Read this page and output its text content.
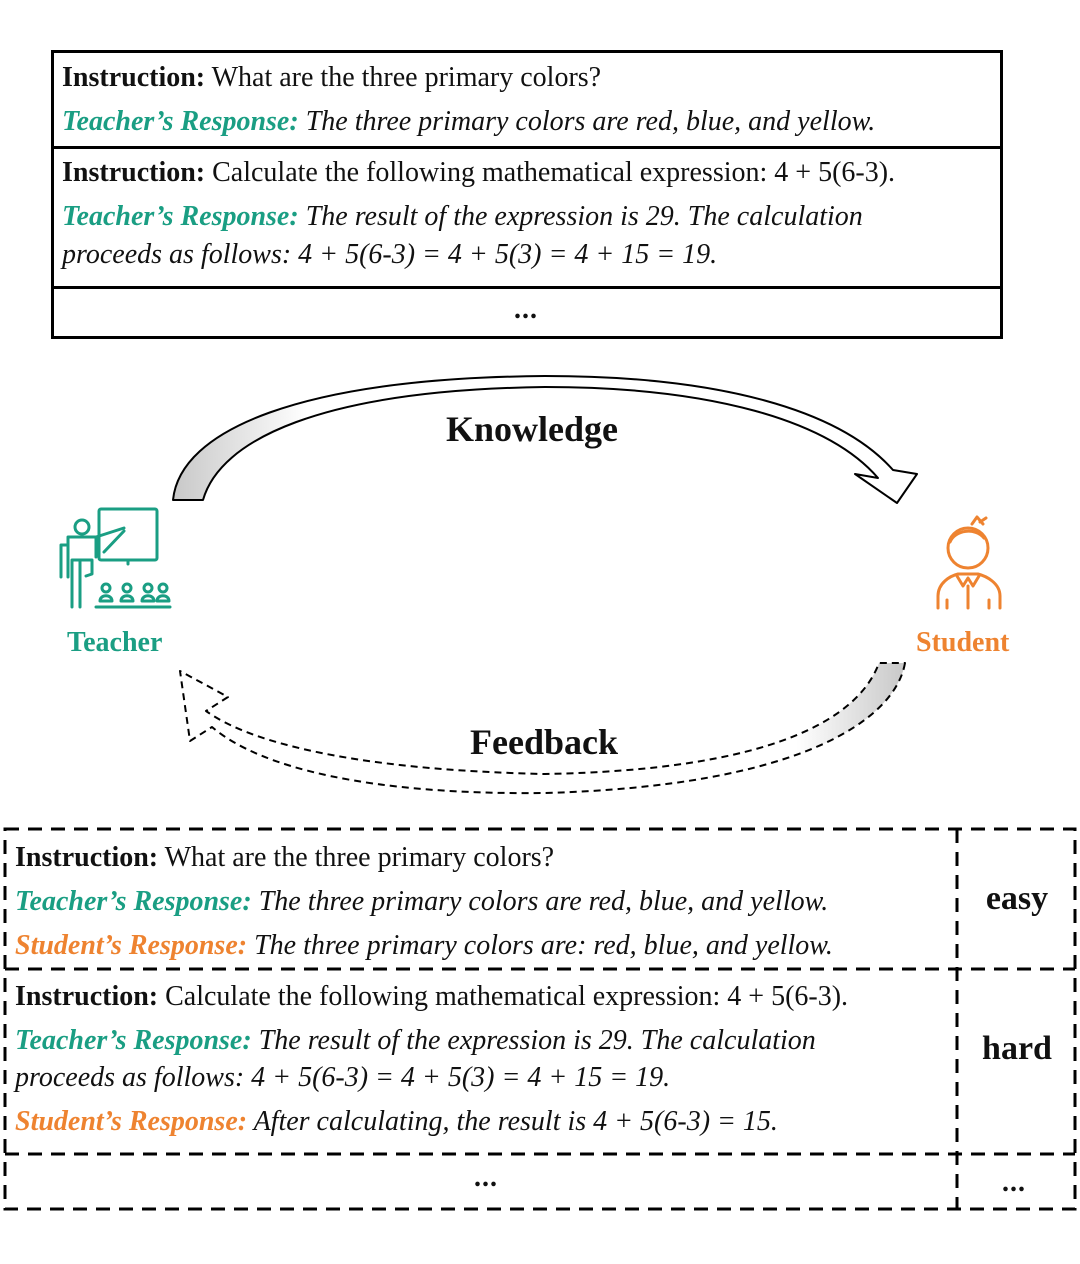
Instruction: What are the three primary colors?
Teacher’s Response: The three primary colors are red, blue, and yellow.
Instruction: Calculate the following mathematical expression: 4 + 5(6-3).
Teacher’s Response: The result of the expression is 29. The calculation
proceeds as follows: 4 + 5(6-3) = 4 + 5(3) = 4 + 15 = 19.
...
Knowledge
Feedback
Teacher	Student
Instruction: What are the three primary colors?
Teacher’s Response: The three primary colors are red, blue, and yellow.
Student’s Response: The three primary colors are: red, blue, and yellow.
easy
Instruction: Calculate the following mathematical expression: 4 + 5(6-3).
Teacher’s Response: The result of the expression is 29. The calculation
proceeds as follows: 4 + 5(6-3) = 4 + 5(3) = 4 + 15 = 19.
Student’s Response: After calculating, the result is 4 + 5(6-3) = 15.
hard
...	...
